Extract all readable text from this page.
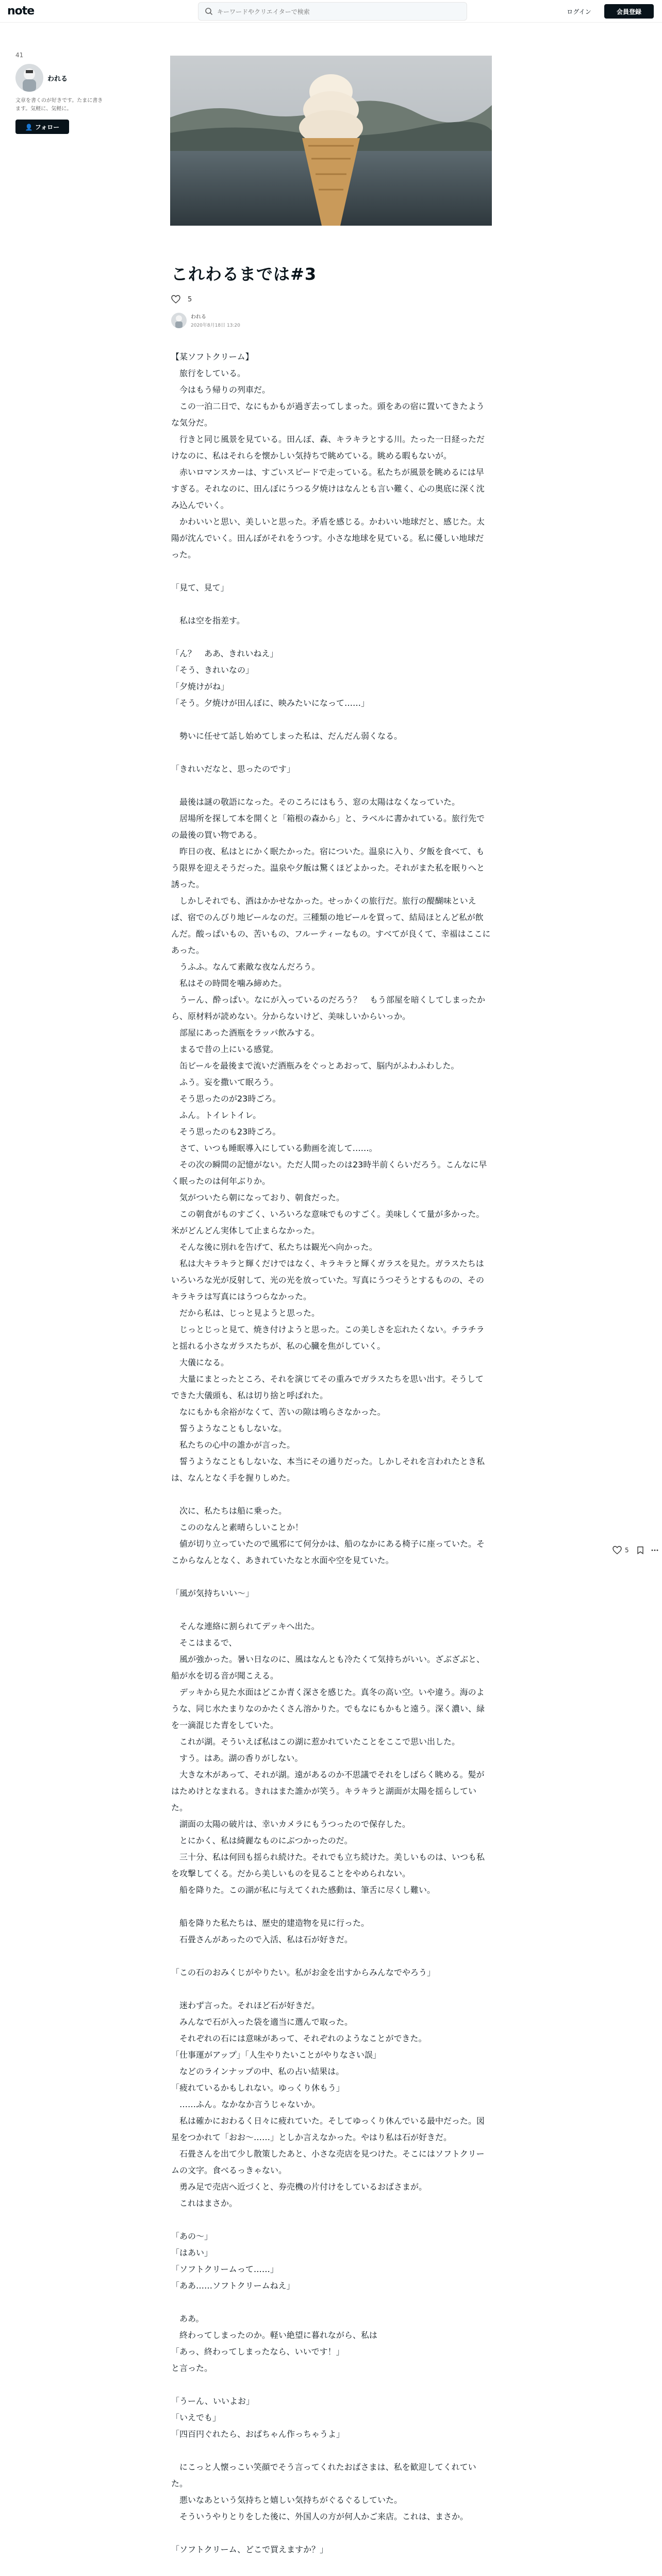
note
キーワードやクリエイターで検索	ログイン	会員登録
41
われる
文章を書くのが好きです。たまに書きます。気軽に、気軽に。
👤 フォロー
これわるまでは#3
5
われる
2020年8月18日 13:20

【某ソフトクリーム】
　旅行をしている。
　今はもう帰りの列車だ。
　この一泊二日で、なにもかもが過ぎ去ってしまった。頭をあの宿に置いてきたような気分だ。
　行きと同じ風景を見ている。田んぼ、森、キラキラとする川。たった一日経っただけなのに、私はそれらを懐かしい気持ちで眺めている。眺める暇もないが。
　赤いロマンスカーは、すごいスピードで走っている。私たちが風景を眺めるには早すぎる。それなのに、田んぼにうつる夕焼けはなんとも言い難く、心の奥底に深く沈み込んでいく。
　かわいいと思い、美しいと思った。矛盾を感じる。かわいい地球だと、感じた。太陽が沈んでいく。田んぼがそれをうつす。小さな地球を見ている。私に優しい地球だった。

「見て、見て」

　私は空を指差す。

「ん？　ああ、きれいねえ」
「そう、きれいなの」
「夕焼けがね」
「そう。夕焼けが田んぼに、映みたいになって……」

　勢いに任せて話し始めてしまった私は、だんだん弱くなる。

「きれいだなと、思ったのです」

　最後は謎の敬語になった。そのころにはもう、窓の太陽はなくなっていた。
　居場所を探して本を開くと「箱根の森から」と、ラベルに書かれている。旅行先での最後の買い物である。
　昨日の夜、私はとにかく眠たかった。宿についた。温泉に入り、夕飯を食べて、もう限界を迎えそうだった。温泉や夕飯は驚くほどよかった。それがまた私を眠りへと誘った。
　しかしそれでも、酒はかかせなかった。せっかくの旅行だ。旅行の醍醐味といえば、宿でのんびり地ビールなのだ。三種類の地ビールを買って、結局ほとんど私が飲んだ。酸っぱいもの、苦いもの、フルーティーなもの。すべてが良くて、幸福はここにあった。
　うふふ。なんて素敵な夜なんだろう。
　私はその時間を噛み締めた。
　うーん、酔っぱい。なにが入っているのだろう？　もう部屋を暗くしてしまったから、原材料が読めない。分からないけど、美味しいからいっか。
　部屋にあった酒瓶をラッパ飲みする。
　まるで昔の上にいる感覚。
　缶ビールを最後まで流いだ酒瓶みをぐっとあおって、脳内がふわふわした。
　ふう。妄を撒いて眠ろう。
　そう思ったのが23時ごろ。
　ふん。トイレトイレ。
　そう思ったのも23時ごろ。
　さて、いつも睡眠導入にしている動画を流して……。
　その次の瞬間の記憶がない。ただ人間ったのは23時半前くらいだろう。こんなに早く眠ったのは何年ぶりか。
　気がついたら朝になっており、朝食だった。
　この朝食がものすごく、いろいろな意味でものすごく。美味しくて量が多かった。米がどんどん実体して止まらなかった。
　そんな後に別れを告げて、私たちは観光へ向かった。
　私は大キラキラと輝くだけではなく、キラキラと輝くガラスを見た。ガラスたちはいろいろな光が反射して、光の光を放っていた。写真にうつそうとするものの、そのキラキラは写真にはうつらなかった。
　だから私は、じっと見ようと思った。
　じっとじっと見て、焼き付けようと思った。この美しさを忘れたくない。チラチラと揺れる小さなガラスたちが、私の心臓を焦がしていく。
　大儀になる。
　大量にまとったところ、それを演じてその重みでガラスたちを思い出す。そうしてできた大儀頭も、私は切り捨と呼ばれた。
　なにもかも余裕がなくて、苦いの隙は鳴らさなかった。
　誓うようなこともしないな。
　私たちの心中の誰かが言った。
　誓うようなこともしないな、本当にその通りだった。しかしそれを言われたとき私は、なんとなく手を握りしめた。

　次に、私たちは船に乗った。
　こののなんと素晴らしいことか！
　値が切り立っていたので風邪にて何分かは、船のなかにある椅子に座っていた。そこからなんとなく、あきれていたなと水面や空を見ていた。

「風が気持ちいい～」

　そんな連絡に割られてデッキへ出た。
　そこはまるで、
　風が強かった。暑い日なのに、風はなんとも冷たくて気持ちがいい。ざぶざぶと、船が水を切る音が聞こえる。
　デッキから見た水面はどこか青く深さを感じた。真冬の高い空。いや違う。海のような、同じ水たまりなのかたくさん溶かりた。でもなにもかもと遠う。深く濃い、緑を一滴混じた青をしていた。
　これが湖。そういえば私はこの湖に惹かれていたことをここで思い出した。
　すう。はあ。湖の香りがしない。
　大きな木があって、それが湖。遠があるのか不思議でそれをしばらく眺める。髪がはためけとなまれる。きれはまた誰かが笑う。キラキラと湖面が太陽を揺らしていた。
　湖面の太陽の破片は、幸いカメラにもうつったので保存した。
　とにかく、私は綺麗なものにぶつかったのだ。
　三十分、私は何回も揺られ続けた。それでも立ち続けた。美しいものは、いつも私を攻撃してくる。だから美しいものを見ることをやめられない。
　船を降りた。この湖が私に与えてくれた感動は、筆舌に尽くし難い。

　船を降りた私たちは、歴史的建造物を見に行った。
　石畳さんがあったので入活、私は石が好きだ。

「この石のおみくじがやりたい。私がお金を出すからみんなでやろう」

　迷わず言った。それほど石が好きだ。
　みんなで石が入った袋を適当に選んで取った。
　それぞれの石には意味があって、それぞれのようなことができた。
「仕事運がアップ」「人生やりたいことがやりなさい誤」
　などのラインナップの中、私の占い結果は。
「疲れているかもしれない。ゆっくり休もう」
　……ふん。なかなか言うじゃないか。
　私は確かにおわるく日々に疲れていた。そしてゆっくり休んでいる最中だった。図星をつかれて「おお～……」としか言えなかった。やはり私は石が好きだ。
　石畳さんを出て少し散策したあと、小さな売店を見つけた。そこにはソフトクリームの文字。食べるっきゃない。
　勇み足で売店へ近づくと、券売機の片付けをしているおばさまが。
　これはまさか。

「あの～」
「はあい」
「ソフトクリームって……」
「ああ……ソフトクリームねえ」

　ああ。
　終わってしまったのか。軽い絶望に暮れながら、私は
「あっ、終わってしまったなら、いいです！」
と言った。

「うーん、いいよお」
「いえでも」
「四百円ぐれたら、おばちゃん作っちゃうよ」

　にこっと人懐っこい笑顔でそう言ってくれたおばさまは、私を歓迎してくれていた。
　悪いなあという気持ちと嬉しい気持ちがぐるぐるしていた。
　そういうやりとりをした後に、外国人の方が何人かご来店。これは、まさか。

「ソフトクリーム、どこで買えますか？」

5
